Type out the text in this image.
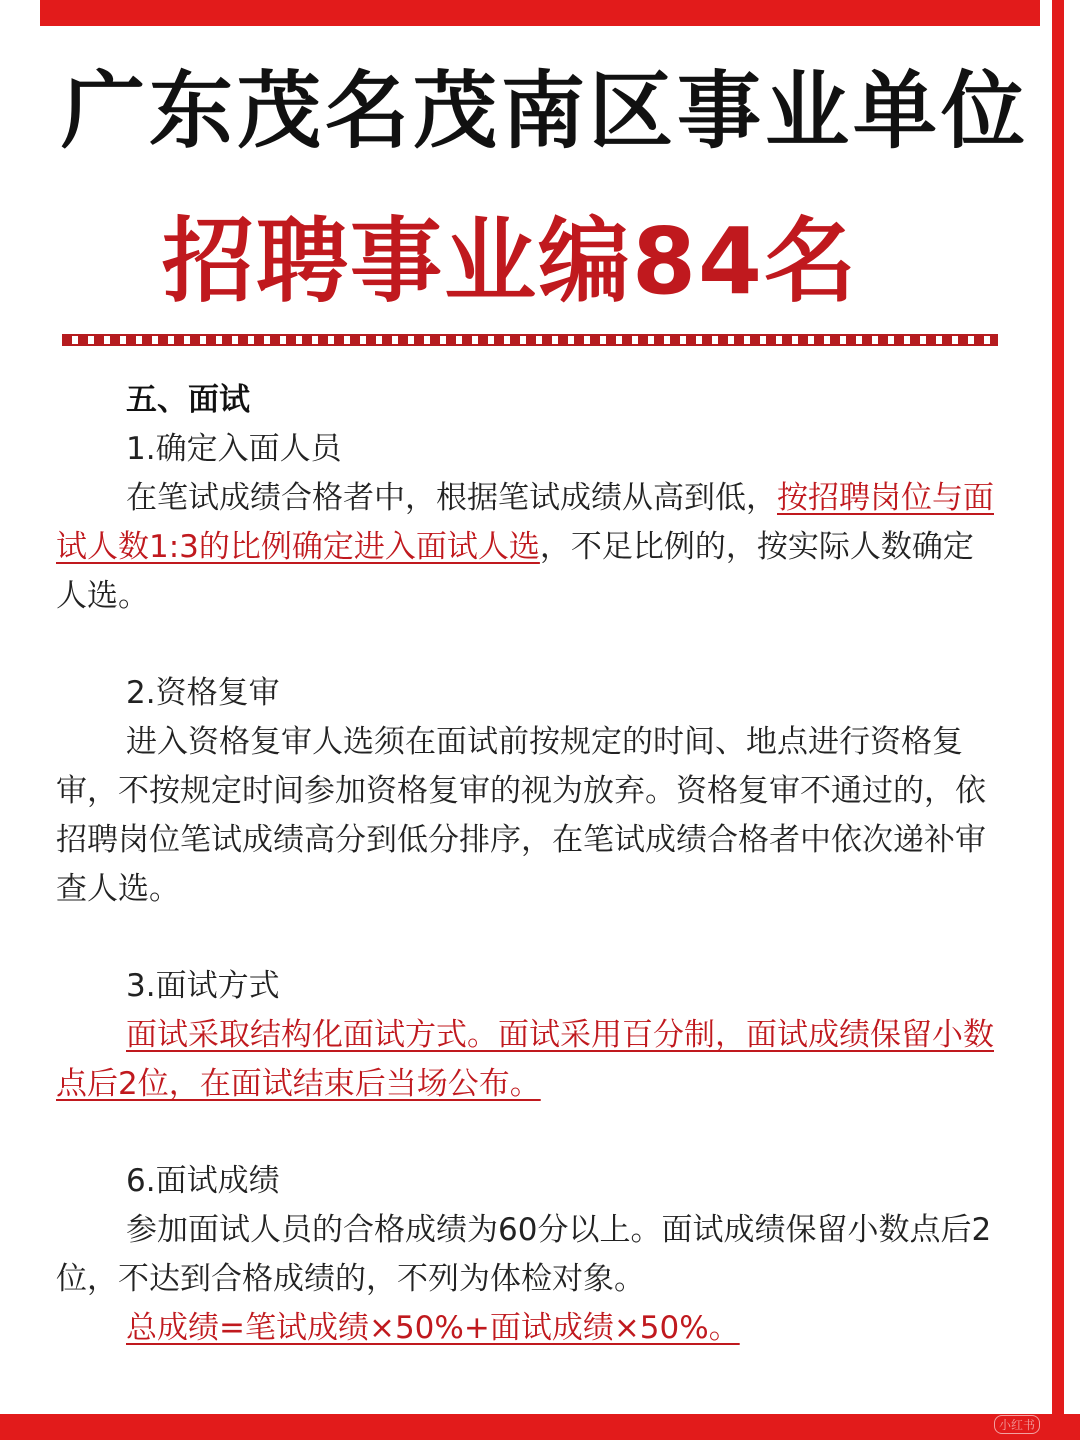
广东茂名茂南区事业单位
招聘事业编84名
五、面试
1.确定入面人员

在笔试成绩合格者中，根据笔试成绩从高到低，按招聘岗位与面试人数1:3的比例确定进入面试人选，不足比例的，按实际人数确定人选。

2.资格复审

进入资格复审人选须在面试前按规定的时间、地点进行资格复审，不按规定时间参加资格复审的视为放弃。资格复审不通过的，依招聘岗位笔试成绩高分到低分排序，在笔试成绩合格者中依次递补审查人选。

3.面试方式

面试采取结构化面试方式。面试采用百分制，面试成绩保留小数点后2位，在面试结束后当场公布。

6.面试成绩

参加面试人员的合格成绩为60分以上。面试成绩保留小数点后2位，不达到合格成绩的，不列为体检对象。

总成绩=笔试成绩×50%+面试成绩×50%。

小红书
